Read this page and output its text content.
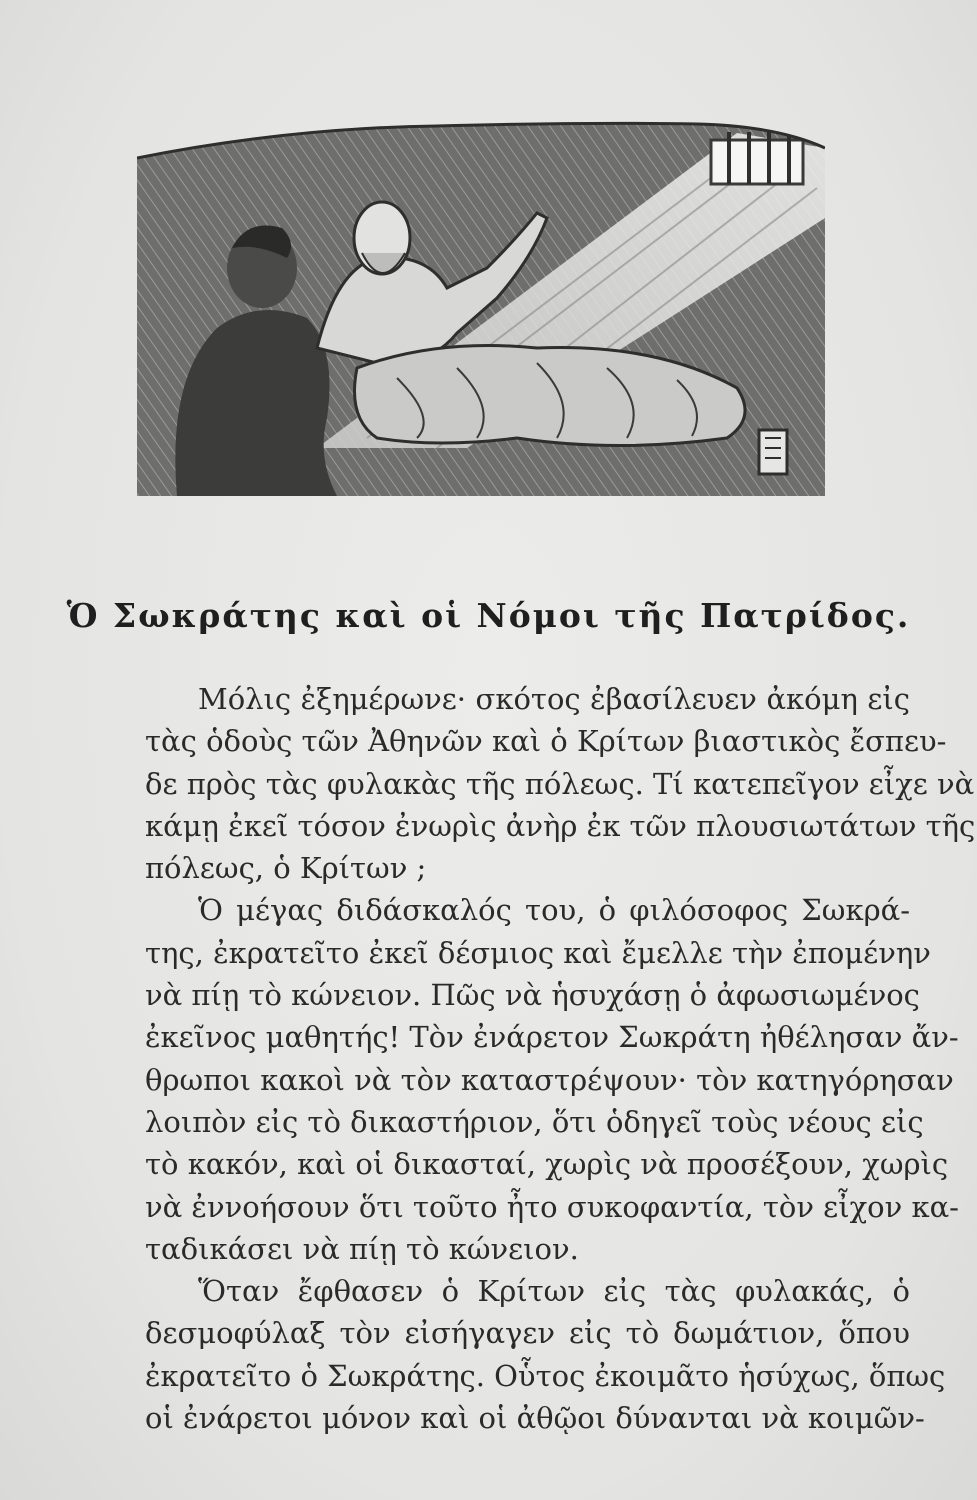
Ὁ Σωκράτης καὶ οἱ Νόμοι τῆς Πατρίδος.
Μόλις ἐξημέρωνε· σκότος ἐβασίλευεν ἀκόμη εἰς
τὰς ὁδοὺς τῶν Ἀθηνῶν καὶ ὁ Κρίτων βιαστικὸς ἔσπευ-
δε πρὸς τὰς φυλακὰς τῆς πόλεως. Τί κατεπεῖγον εἶχε νὰ
κάμῃ ἐκεῖ τόσον ἐνωρὶς ἀνὴρ ἐκ τῶν πλουσιωτάτων τῆς
πόλεως, ὁ Κρίτων ;
Ὁ μέγας διδάσκαλός του, ὁ φιλόσοφος Σωκρά-
της, ἐκρατεῖτο ἐκεῖ δέσμιος καὶ ἔμελλε τὴν ἐπομένην
νὰ πίῃ τὸ κώνειον. Πῶς νὰ ἡσυχάσῃ ὁ ἀφωσιωμένος
ἐκεῖνος μαθητής! Τὸν ἐνάρετον Σωκράτη ἠθέλησαν ἄν-
θρωποι κακοὶ νὰ τὸν καταστρέψουν· τὸν κατηγόρησαν
λοιπὸν εἰς τὸ δικαστήριον, ὅτι ὁδηγεῖ τοὺς νέους εἰς
τὸ κακόν, καὶ οἱ δικασταί, χωρὶς νὰ προσέξουν, χωρὶς
νὰ ἐννοήσουν ὅτι τοῦτο ἦτο συκοφαντία, τὸν εἶχον κα-
ταδικάσει νὰ πίῃ τὸ κώνειον.
Ὅταν ἔφθασεν ὁ Κρίτων εἰς τὰς φυλακάς, ὁ
δεσμοφύλαξ τὸν εἰσήγαγεν εἰς τὸ δωμάτιον, ὅπου
ἐκρατεῖτο ὁ Σωκράτης. Οὗτος ἐκοιμᾶτο ἡσύχως, ὅπως
οἱ ἐνάρετοι μόνον καὶ οἱ ἀθῷοι δύνανται νὰ κοιμῶν-
